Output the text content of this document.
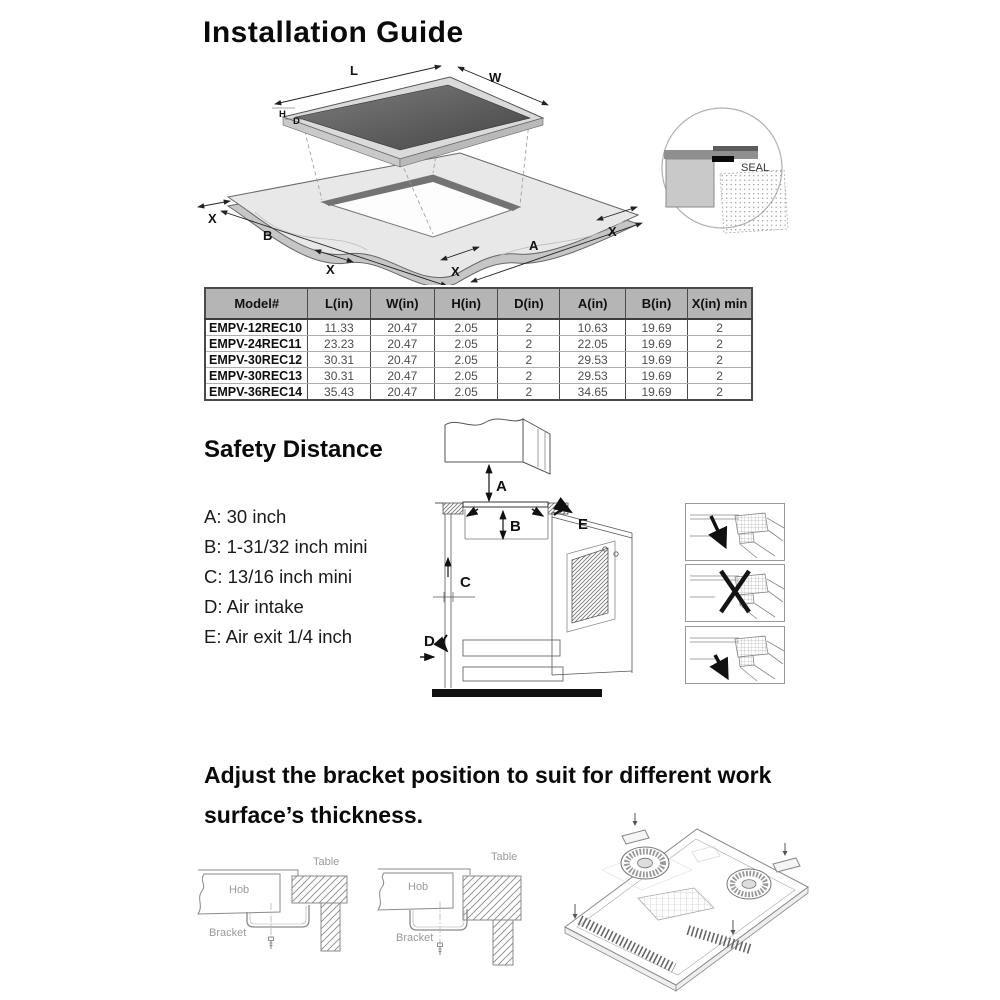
Installation Guide
L	W
H
D
X
B
X	X
A
X
SEAL
Model#	L(in)	W(in)	H(in)	D(in)	A(in)	B(in)	X(in) min
EMPV-12REC10	11.33	20.47	2.05	2	10.63	19.69	2
EMPV-24REC11	23.23	20.47	2.05	2	22.05	19.69	2
EMPV-30REC12	30.31	20.47	2.05	2	29.53	19.69	2
EMPV-30REC13	30.31	20.47	2.05	2	29.53	19.69	2
EMPV-36REC14	35.43	20.47	2.05	2	34.65	19.69	2
Safety Distance
A: 30 inch
B: 1-31/32 inch mini
C: 13/16 inch mini
D: Air intake
E: Air exit 1/4 inch
A
B	E
C
D
Adjust the bracket position to suit for different work
surface’s thickness.
Hob
Table
Bracket
Hob
Table
Bracket
